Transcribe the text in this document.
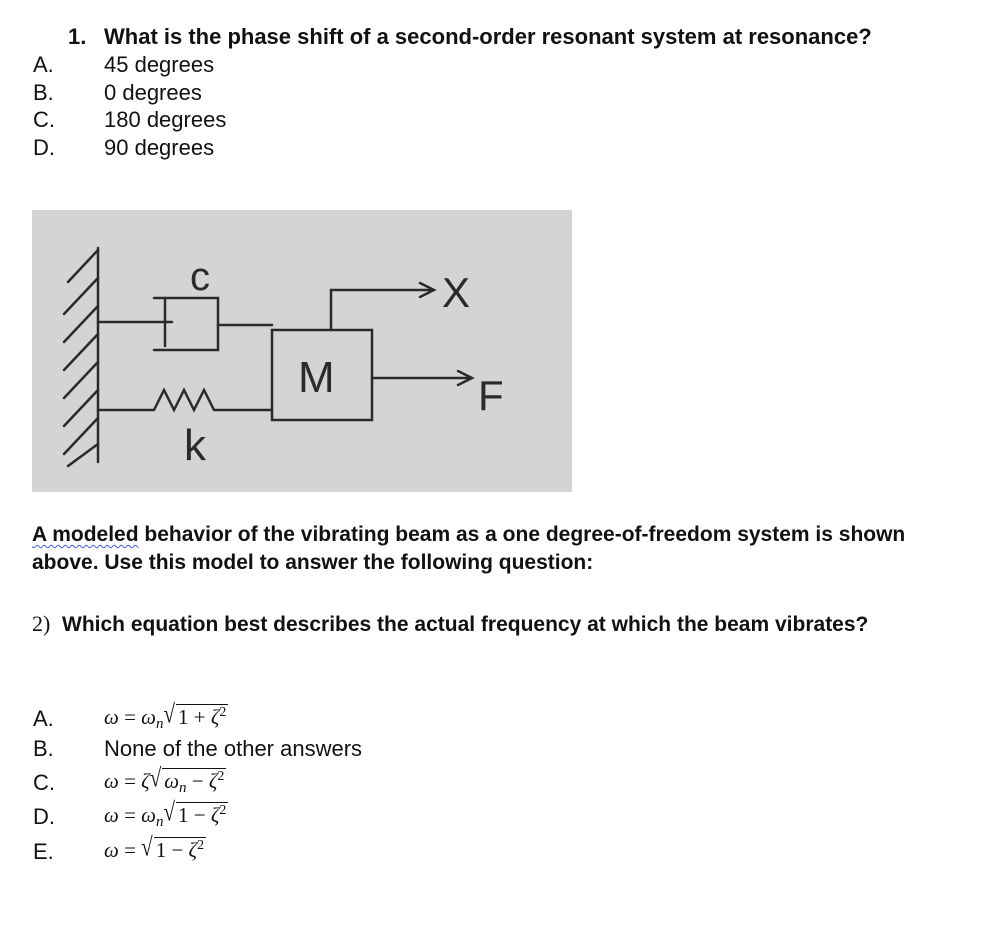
1. What is the phase shift of a second-order resonant system at resonance?
A. 45 degrees
B. 0 degrees
C. 180 degrees
D. 90 degrees
c
k
M
X
F
A modeled behavior of the vibrating beam as a one degree-of-freedom system is shown above. Use this model to answer the following question:
2) Which equation best describes the actual frequency at which the beam vibrates?
A. $\omega = \omega_n√$ $1 + \zeta^2$
B. None of the other answers
C. ω = ζ√ $\omega_n - \zeta^2$
D. $\omega = \omega_n√$ $1 - \zeta^2$
E. ω = √ $1 - \zeta^2$
